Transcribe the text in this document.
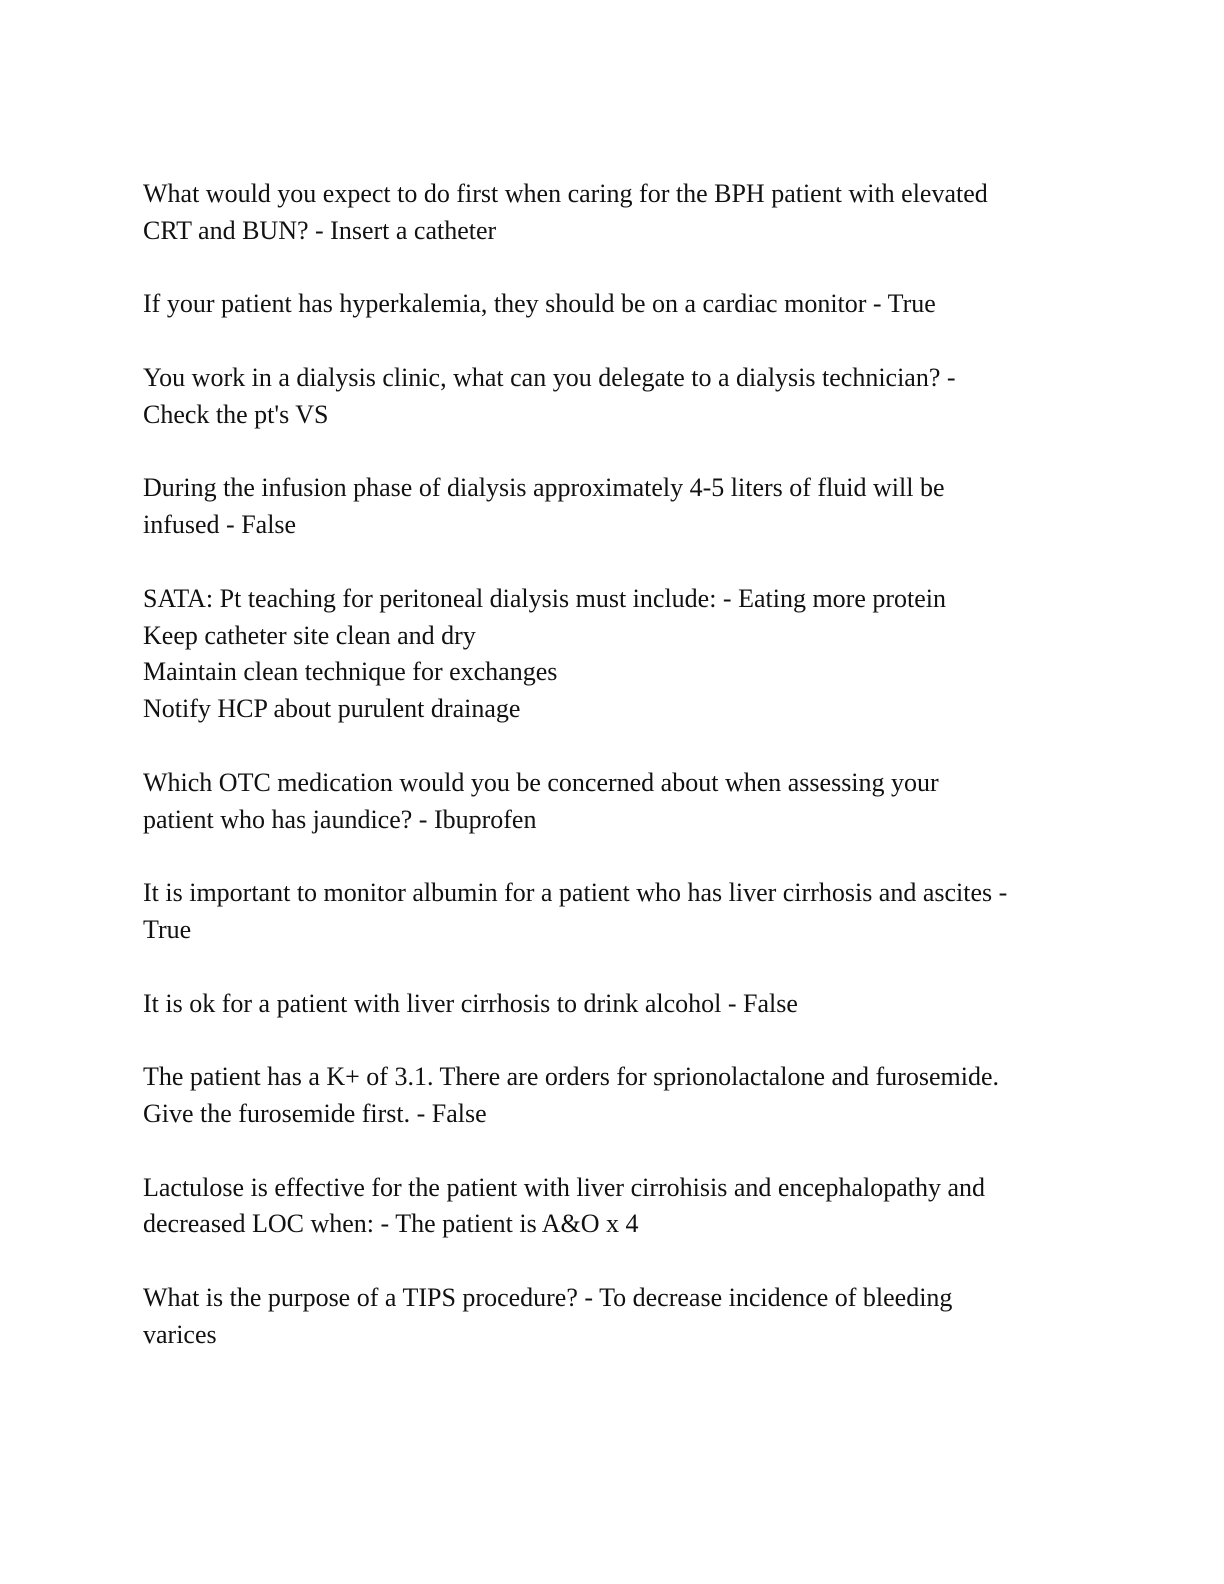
What would you expect to do first when caring for the BPH patient with elevated
CRT and BUN? - Insert a catheter

If your patient has hyperkalemia, they should be on a cardiac monitor - True

You work in a dialysis clinic, what can you delegate to a dialysis technician? -
Check the pt's VS

During the infusion phase of dialysis approximately 4-5 liters of fluid will be
infused - False

SATA: Pt teaching for peritoneal dialysis must include: - Eating more protein
Keep catheter site clean and dry
Maintain clean technique for exchanges
Notify HCP about purulent drainage

Which OTC medication would you be concerned about when assessing your
patient who has jaundice? - Ibuprofen

It is important to monitor albumin for a patient who has liver cirrhosis and ascites -
True

It is ok for a patient with liver cirrhosis to drink alcohol - False

The patient has a K+ of 3.1. There are orders for sprionolactalone and furosemide.
Give the furosemide first. - False

Lactulose is effective for the patient with liver cirrohisis and encephalopathy and
decreased LOC when: - The patient is A&O x 4

What is the purpose of a TIPS procedure? - To decrease incidence of bleeding
varices
